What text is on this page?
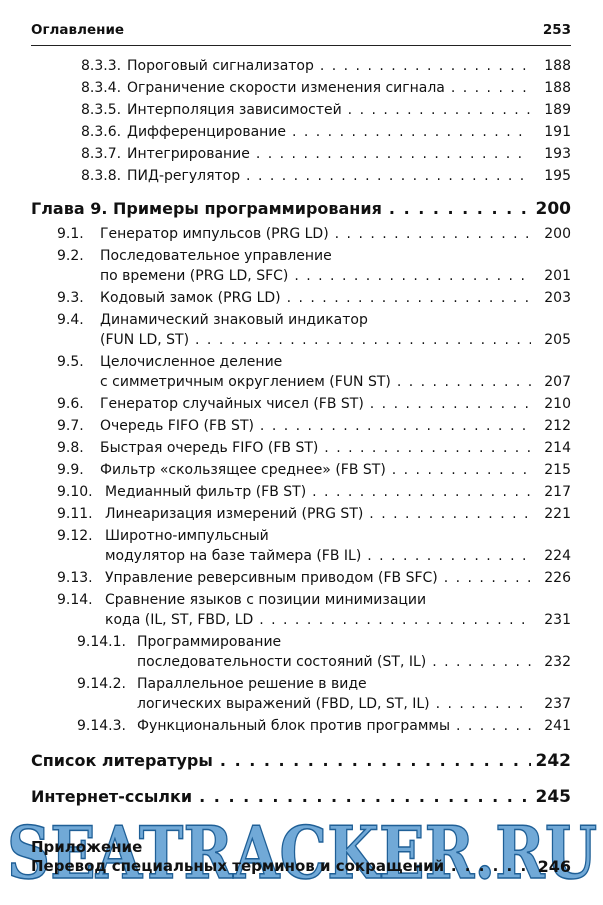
Оглавление	253
8.3.3. Пороговый сигнализатор . . .	188
8.3.4. Ограничение скорости изменения сигнала . . .	188
8.3.5. Интерполяция зависимостей . . .	189
8.3.6. Дифференцирование . . .	191
8.3.7. Интегрирование . . .	193
8.3.8. ПИД-регулятор . . .	195
Глава 9. Примеры программирования . . .	200
9.1. Генератор импульсов (PRG LD) . . .	200
9.2. Последовательное управление
по времени (PRG LD, SFC) . . .	201
9.3. Кодовый замок (PRG LD) . . .	203
9.4. Динамический знаковый индикатор
(FUN LD, ST) . . .	205
9.5. Целочисленное деление
с симметричным округлением (FUN ST) . . .	207
9.6. Генератор случайных чисел (FB ST) . . .	210
9.7. Очередь FIFO (FB ST) . . .	212
9.8. Быстрая очередь FIFO (FB ST) . . .	214
9.9. Фильтр «скользящее среднее» (FB ST) . . .	215
9.10. Медианный фильтр (FB ST) . . .	217
9.11. Линеаризация измерений (PRG ST) . . .	221
9.12. Широтно-импульсный
модулятор на базе таймера (FB IL) . . .	224
9.13. Управление реверсивным приводом (FB SFC) . . .	226
9.14. Сравнение языков с позиции минимизации
кода (IL, ST, FBD, LD . . .	231
9.14.1. Программирование
последовательности состояний (ST, IL) . . .	232
9.14.2. Параллельное решение в виде
логических выражений (FBD, LD, ST, IL) . . .	237
9.14.3. Функциональный блок против программы . . .	241
Список литературы . . .	242
Интернет-ссылки . . .	245
SEATRACKER.RU
Приложение
Перевод специальных терминов и сокращений . . .	246
